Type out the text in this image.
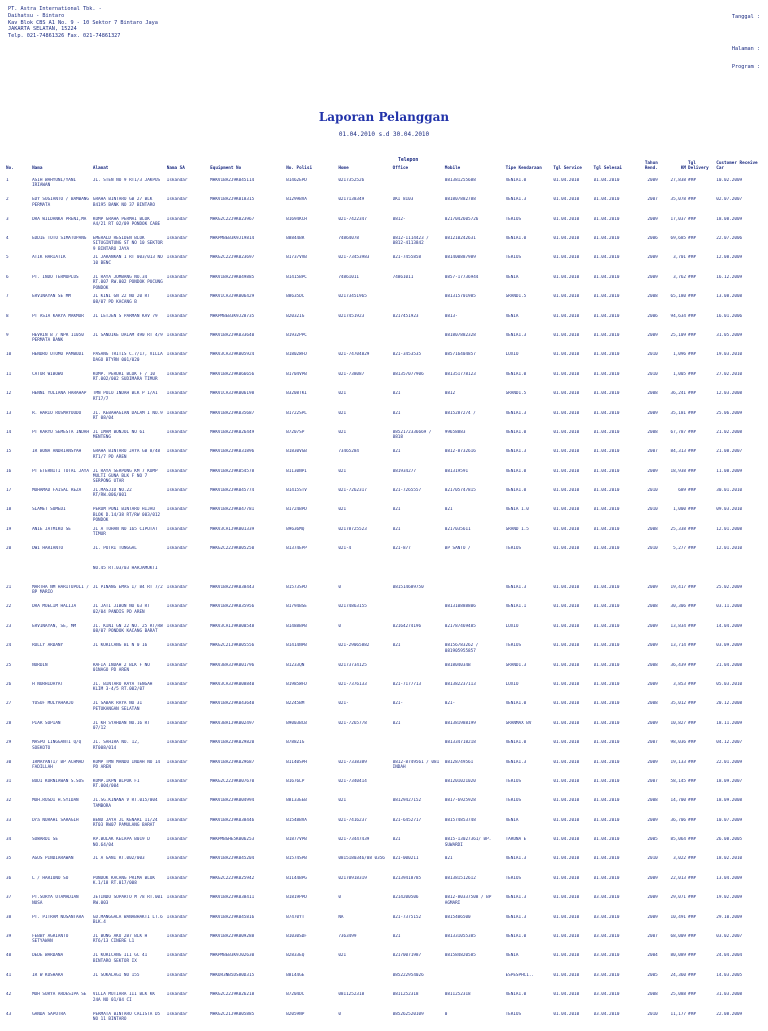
PT. Astra International Tbk. -
Daihatsu - Bintaro
Kav Blok CBS A1 No. 9 - 10 Sektor 7 Bintaro Jaya
JAKARTA SELATAN, 15224
Telp. 021-74861326 Fax. 021-74861327
Tanggal :
Halaman :
Program :
Laporan Pelanggan
01.04.2010 s.d 30.04.2010
Telepon
No.	Nama	Alamat	Nama SA	Equipment No	No. Polisi	Home	Office	Mobile	Tipe Kendaraan	Tgl Service	Tgl Selesai	Tahun Rend.	KM	Tgl Delivery	Customer Receive Car

1	ASIH WAHYUNI/YANI IRIAWAN	JL. STEN NO 9 RT1/3 JAKPUS	Iskandar	MHKV1BA2J9K045114	B1462EPD	0217352526		081381255688	XENIA1.0	01.04.2010	01.04.2010	2009	27,838	###	10.02.2009

2	EDY SUGIANTO / BAMBANG PERMATA	GRAHA BINTARO GB 27 BLK B4195 BANK NO 37 BINTARO	Iskandar	MHKV1BA2J9K018315	B1299BVA	0217138349	DKI 8103	081807882788	XENIA1.3	01.04.2010	01.04.2010	2007	35,078	###	02.07.2007

3	DRA WILDANKA PRENI,MA	KOMP GRAHA PERMAI BLOK A4/21 RT 02/09 PONDOK CABE	Iskandar	MHKG2C22J9K023967	B1694KCH	021-7422347	0812-	0217042605726	TERIOS	01.04.2010	01.04.2010	2009	17,037	###	18.08.2009

4	EDDIE TOTO SIMATUPANG	EMERALD RESIDEN BLOK SITUGINTUNG ST NO 10 SEKTOR 9 BINTARO JAYA	Iskandar	MHKPMBEB3K9J19814	B8844BR	74864078	0812-1114423 / 0812-4113842	081210242631	XENIA1.0	01.04.2010	01.04.2010	2006	69,685	###	22.07.2006

5	ATIK HARIATIK	JL JARANKAN 1 RT 003/013 NO 10 BENC	Iskandar	MHKG2C22J9K023697	B1737VVB	021-73453983	021-7455858	081400887989	TERIOS	01.04.2010	01.04.2010	2009	3,701	###	12.08.2009

6	PT. INDO TERMOPLUS	JL RAYA JOMBANG NO.34 RT.007 RW.002 PONDOK PUCUNG PONDOK	Iskandar	MHKV1BA2J9K049885	B1415BPC	74861011	74861011	0857-17736944	XENIA	01.04.2010	01.04.2010	2009	3,762	###	16.12.2009

7	ERVINAYAN SE MM	JL KINI GN 22 NO 20 RT 08/07 PD KACANG B	Iskandar	MHKV1CA3J9K006429	B8635DC	02173451965		081315701985	GRAND1.5	01.04.2010	01.04.2010	2008	65,180	###	13.08.2008

8	PT ASIA KARYA MAKMUR	JL LETJEN S PARMAN KAV 79	Iskandar	MHKPMBEB3K9J28735	B2032IG	0217451923	0217451923	0813-	XENIA	01.04.2010	01.04.2010	2006	94,634	###	16.01.2006

9	HEVRIN B / NPR 11050 PERMATA BANK	JL SANDIKE DALAM 490 RT 4/9	Iskandar	MHKV1BA2J9K033640	B1932PPC			081807882328	XENIA1.3	01.04.2010	01.04.2010	2009	25,109	###	31.05.2009

10	HENDRO UTOMO PAMBUDI	PASANG TRITIS C.7/17, VILLA DAGO BTYRN 001/020	Iskandar	MHKV3CA3J9K005924	B1802WFD	021-74704829	021-3453535	085716404857	LUXIO	01.04.2010	01.04.2010	2010	1,096	###	19.03.2010

11	CATUR WIBOWO	KOMP. PERURI BLOK F / 10 RT.002/002 SUDIMARA TIMUR	Iskandar	MHKV1BA2J9K066656	B1704VPB	021-738087	081357077906	081351778123	XENIA1.0	01.04.2010	01.04.2010	2010	1,005	###	27.02.2010

12	HENNI YULIANA HARAHAP	TMN PULO INDAH BLK P 1/A1 RT17/7	Iskandar	MHKV1CA3J9K006198	B3208TKI	021	021	0812	GRAND1.5	01.04.2010	01.04.2010	2008	36,241	###	12.03.2008

13	R. HARIO RUSMAYOUDO	JL. KEBAHAGIAN DALAM I NO.9 RT 08/04	Iskandar	MHKV1BA2J9K035687	B1722SPL	021	021	0815287274 /	XENIA1.3	01.04.2010	01.04.2010	2009	35,181	###	25.06.2009

14	PT KARYU SEMESTA INDAH	JL IMAM BONJOL NO 61 MENTENG	Iskandar	MHKV1BA2J9K026449	B7207SP	021	0852172336669 / 0818	99658883	XENIA1.0	01.04.2010	01.04.2010	2008	67,787	###	21.02.2008

15	IR BONA ANDRIANSYAH	GRAHA BINTARO JAYA GB 8/48 RT1/7 PD AREN	Iskandar	MHKV1BA2J9K031896	B1830VGB	73465284	021	0812-8732616	XENIA1.3	01.04.2010	01.04.2010	2007	84,313	###	21.08.2007

16	PT ETERNITI TOTAL JAYA	JL RAYA SERPONG KM 7 KOMP MULTI GUNA BLK F NO 7 SERPONG UTAR	Iskandar	MHKV1BA2J9K054578	B1130NPI	021	081934277	081319591	XENIA1.0	01.04.2010	01.04.2010	2009	18,938	###	11.08.2009

17	MOHAMAD FAISAL REZA	JL.MASJID NO.22 RT/RW.006/001	Iskandar	MHKV1BA2J9K045774	B1415STV	021-7262317	021-7265557	021705747815	XENIA1.0	01.04.2010	01.04.2010	2010	689	###	30.01.2010

18	SLAMET SUMEDI	PERUM PONI BINTARO HIJAU BLOK D.14/38 RT/RW 003/012 PONDOK	Iskandar	MHKV1BA2J9K047781	B1724BPD	021	021	021	XENIA 1.0	01.04.2010	01.04.2010	2010	1,000	###	09.03.2010

19	ANIE JATMIKO SE	JL A TOHAN NO 165 CIPUTAT TIMUR	Iskandar	MHKV3CA1J9K001339	B9636MQ	02178725523	021	0217035611	GRAND 1.5	01.04.2010	01.04.2010	2008	25,338	###	12.01.2008

20	DWI HARIANTO	JL. PUTRI TUNGGAL	Iskandar	MHKG2C22J9K005250	B1374EPP	021-4	021-877	BP SANTO /	TERIOS	01.04.2010	01.04.2010	2010	5,277	###	12.01.2010

		NO.45 RT.03/03 HARJAMUKTI													

21	MARTHA NM HARITUPOLI / BP MARIO	JL PINANG EMAS I/ 84 RT 7/2	Iskandar	MHKV1BA2J9K038443	B1573SPD	0	081514689750		XENIA1.3	01.04.2010	01.04.2010	2009	19,417	###	25.02.2009

22	DRA MOELIM HALIJA	JL JATI JIBON NO 63 RT 02/04 PANDIS PD AREN	Iskandar	MHKV1BA2J9K035956	B1794BSE	02174863155		081310888806	XENIA1.1	01.04.2010	01.04.2010	2008	30,306	###	03.11.2008

23	ERVINAYAN, SE, MM	JL. KINI GN 22 NO. 25 RT/RW 08/07 PONDOK KACANG BARAT	Iskandar	MHKV3CA1J9K000548	B1488BPB	0	02164274196	021787469485	LUXIO	01.04.2010	01.04.2010	2009	13,834	###	14.04.2009

24	RULLY ARDANY	JL KURICANG BI N 0 16	Iskandar	MHKG2C21J9K005556	B1414NPB	021-29065882	021	08156783262 / 081905955857	TERIOS	01.04.2010	01.04.2010	2009	13,714	###	03.09.2009

25	NURDIN	RAFIA INDAH 2 BLK F NO 01NAGO PD AREN	Iskandar	MHKV3BA3J9K001796	B1233QN	02173734125		081804034B	GRAND1.3	01.04.2010	01.04.2010	2008	36,439	###	21.04.2008

26	H NURHIDAYAT	JL. BINTARO RAYA TENGAH KLIM 3-4/5 RT.002/07	Iskandar	MHKV3CA3J9K008840	B1985WFD	021-7376133	021-7177713	081382237113	LUXIO	01.04.2010	01.04.2010	2009	3,853	###	05.03.2010

27	YUSUF MULYAHARJO	JL SABAR RAYA NO 31 PETUKANGAN SELATAN	Iskandar	MHKV1BA2J9K043640	B2245BM	021-	021-	021-	XENIA1.0	01.04.2010	01.04.2010	2008	35,012	###	20.12.2008

28	PIAR SOPIAN	JL KH SYAHDAN NO.16 RT 07/12	Iskandar	MHKV3BA1J9K002497	B9003BCB	021-7265778	021	081381988199	GRANMAX BV	01.04.2010	01.04.2010	2009	10,827	###	18.11.2009

29	MASPU LINGGANTI Q/Q SOEKOTO	JL. SAHIRA NO. 12, RT008/014	Iskandar	MHKV1BA2J9K029820	B7882IG			081334718218	XENIA1.0	01.04.2010	01.04.2010	2007	98,036	###	04.12.2007

30	IRMAYANTI/ BP ACHMAD FADILLAH	KOMP TMN MANDU INDAH NO 14 PD AREN	Iskandar	MHKV1BA2J9K029687	B1140SPH	021-7338389	0812-8749561 / 081 INDAH	08128749561	XENIA1.3	01.04.2010	01.04.2010	2009	19,133	###	22.01.2009

31	BUDI KURNIAWAN S.SOS	KOMP.IKPN BLPOK F1 RT.004/004	Iskandar	MHKG2C22J9K007670	B1676LP	021-7340414		081201021020	TERIOS	01.04.2010	01.04.2010	2007	58,145	###	18.09.2007

32	MOH.RUSDI H.SYIDAN	JL.SG.KINANA V RT.015/004 TAMBORA	Iskandar	MHKV1BA2J9K004994	B8133EEB	021	08129427152	0817-6925928	TERIOS	01.04.2010	01.04.2010	2008	14,700	###	18.09.2008

33	Dra NURAHI SARAGIH	BEND JAYA JL KENARI 11/24 RT03 RW07 PAMULANG BARAT	Iskandar	MHKV1BA2J9K038446	B1548BVA	021-7416237	021-6452717	081574853748	XENIA	01.04.2010	01.04.2010	2009	36,706	###	10.07.2009

34	SUWARDI SE	RP.BULAK KELAPA B019 D NO.64/04	Iskandar	MHKPMBGHE5K006253	B1877VPB	021-73447439	021	0815-13027361/ BP. SUWARDI	TARUNA E	01.04.2010	01.04.2010	2005	85,064	###	26.08.2005

35	AGUS PINDIARAWAN	JL A GANI RT.002/003	Iskandar	MHKV1BA2J9K045204	B1574SPB	0815180346/08 0356	021-000211	021	XENIA1.3	01.04.2010	01.04.2010	2010	3,022	###	18.02.2010

36	L / HARIONO SO	PONDOK KACANG PRIMA BLOK K.1/18 RT.017/008	Iskandar	MHKG2C22J9K025942	B1144BPG	02170918319	02139418785	081381512612	TERIOS	01.04.2010	01.04.2010	2009	22,013	###	13.04.2009

37	PT.SURYA UTAMADIAN NUSA	JETINDO SUPARTO M 78 RT.001 RW.003	Iskandar	MHKV1BA2J9K038411	B1819PPD	0	0214200506	0812-80337508 / BP AGMARI	XENIA1.3	01.04.2010	03.04.2010	2009	29,071	###	19.02.2009

38	PT. PITRAM NUSANTARA	GD.MANGGALA WANABHAKTI LT.6 BLK.4	Iskandar	MHKV1BA2J9K045816	B7470YT	NA	021-7375152	0815406500	XENIA1.3	01.04.2010	03.04.2010	2009	10,491	###	29.10.2009

39	FEBBY AGRIANTO SETYAWAN	JL BUNG AKU 2B7 BLK H RT6/13 CINERE L1	Iskandar	MHKV1BA2J9K009288	B1030SDF	7363499	021	081331055385	XENIA1.0	01.04.2010	03.04.2010	2007	68,009	###	03.02.2007

40	DEDE WARDANA	JL KURICANG III GC 41 BINTARO SEKTOR IX	Iskandar	MHKPMBEB3K9J02630	B2833EQ	021	02170071987	081584820585	XENIA	01.04.2010	03.04.2010	2004	80,089	###	24.04.2004

41	IR W KUSHARA	JL SUKALAGI NO 155	Iskandar	MHKUR3NB5DS80D315	B8144GE		085222954026		ESPESPHC1..	01.04.2010	03.04.2010	2005	24,360	###	14.03.2005

42	MOH SURYA ARDESIPA SE	VILLA MUTIARA III BLK KK 24A NO 01/04 CI	Iskandar	MHKG2C22J9K026218	B7204DC	0811252318	0811252318	0811252318	XENIA1.0	01.04.2010	03.04.2010	2008	25,088	###	31.03.2008

43	GANDA SAPUTRA	PERMATA BINTARO CALISTA D5 NO 11 BINTARO	Iskandar	MHKG2C21J9K005885	B2059NP	0	085262520109	0	TERIOS	01.04.2010	03.04.2010	2010	11,177	###	22.08.2009
